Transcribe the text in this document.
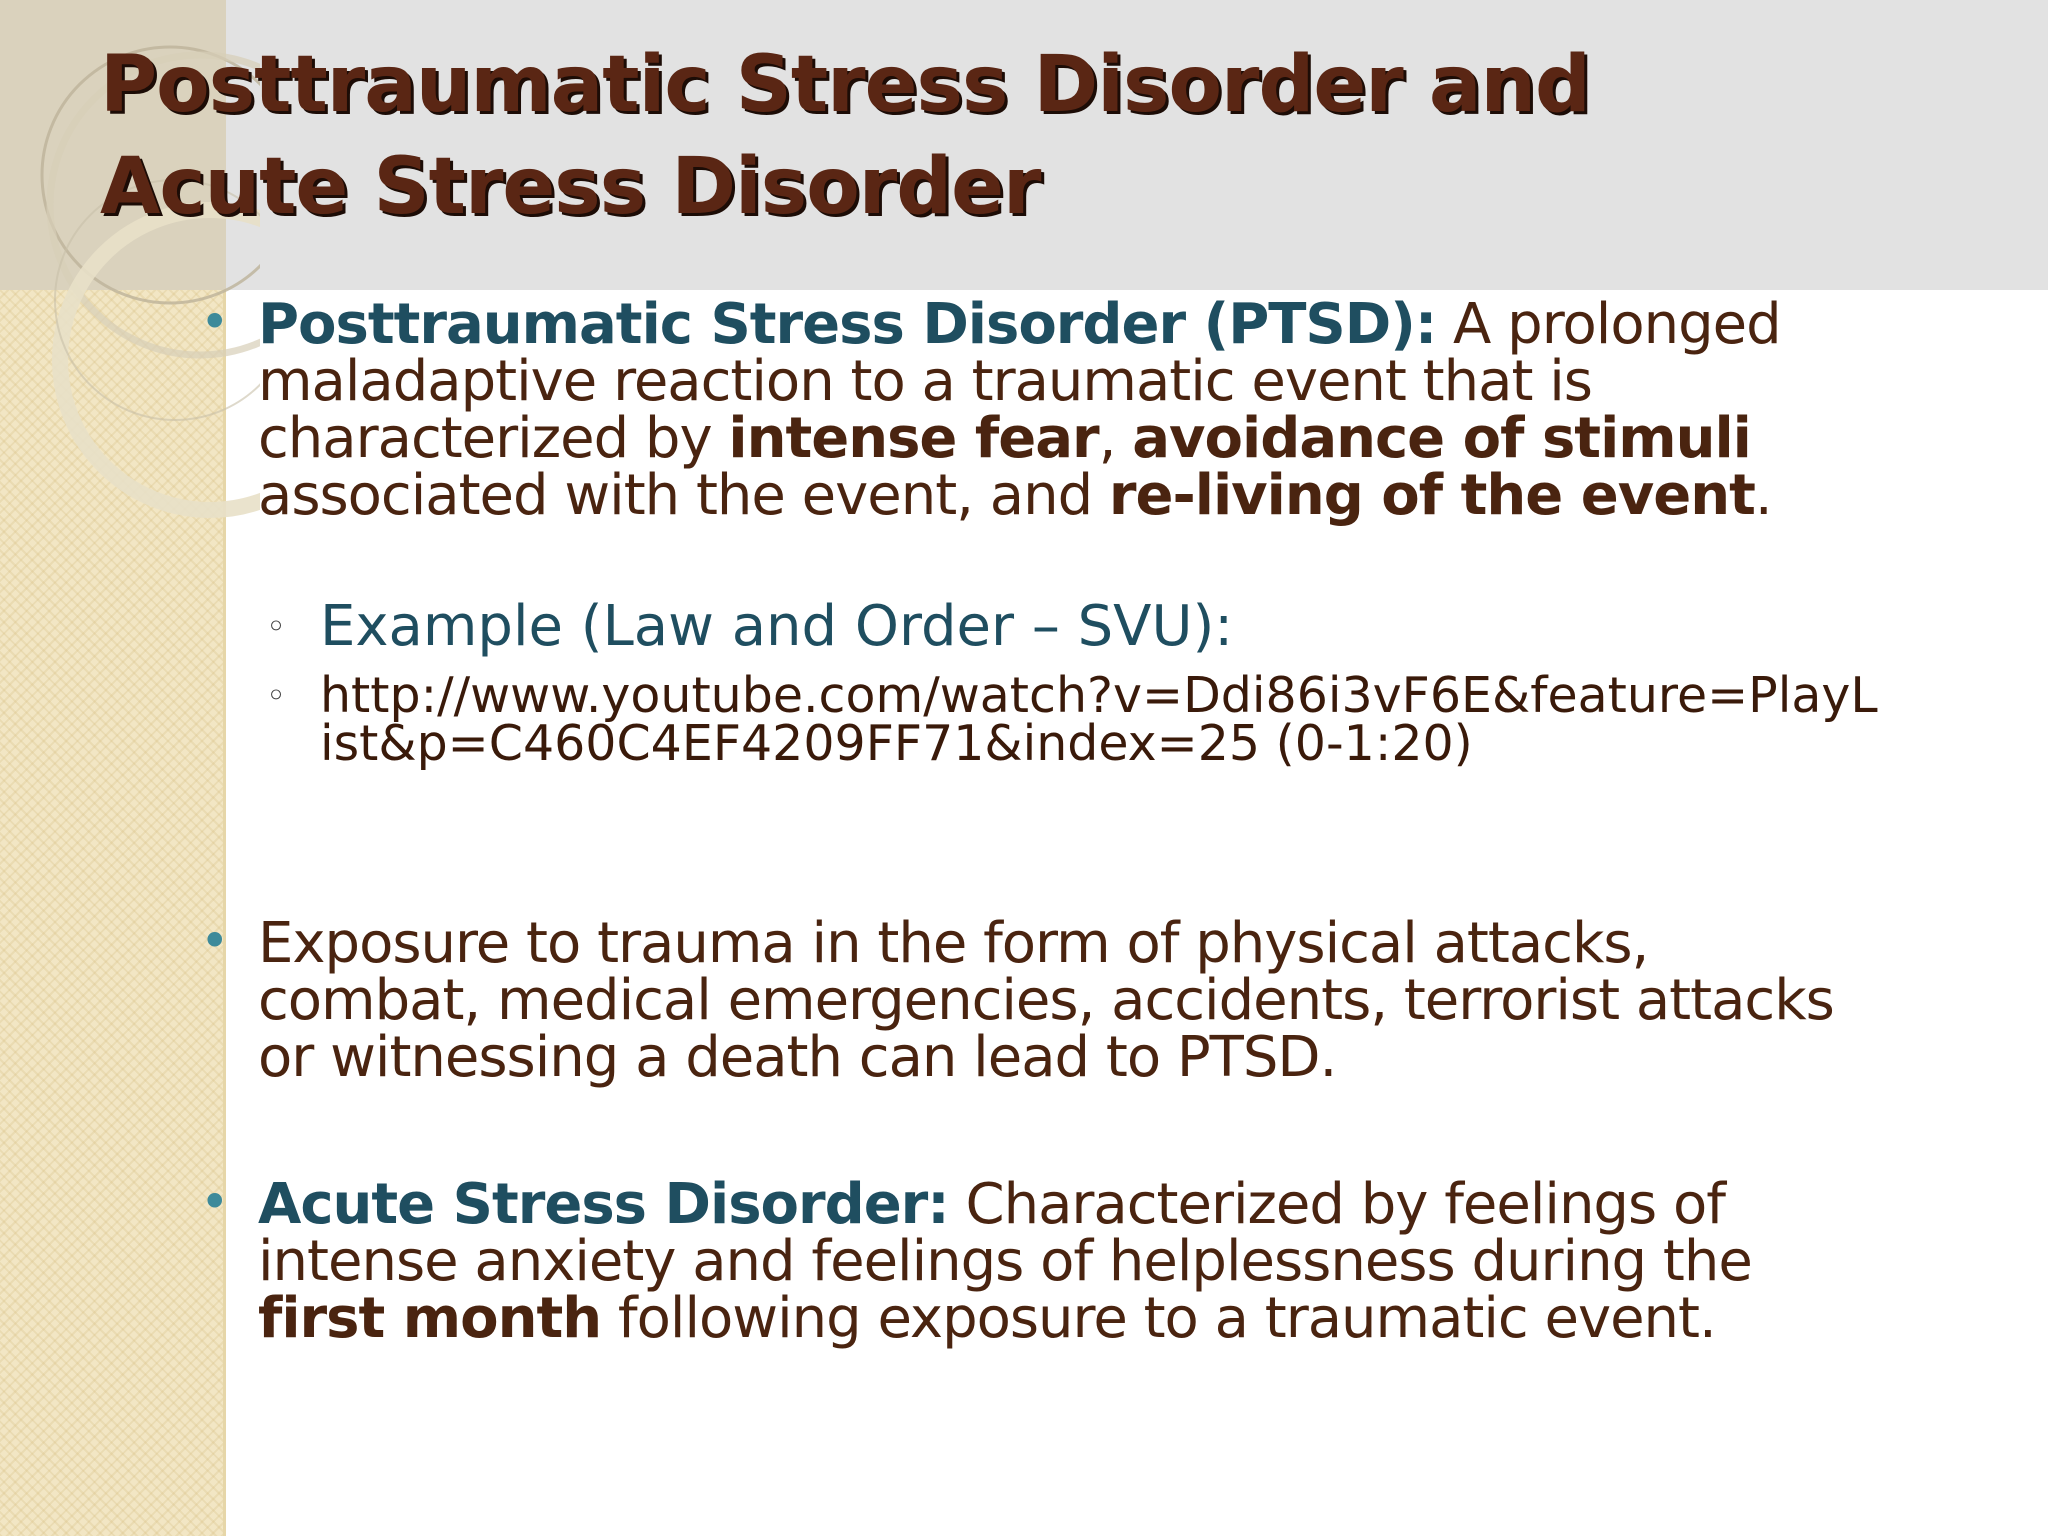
Posttraumatic Stress Disorder and
Acute Stress Disorder
• Posttraumatic Stress Disorder (PTSD): A prolonged maladaptive reaction to a traumatic event that is characterized by intense fear, avoidance of stimuli associated with the event, and re-living of the event.
◦ Example (Law and Order – SVU):
◦ http://www.youtube.com/watch?v=Ddi86i3vF6E&feature=PlayList&p=C460C4EF4209FF71&index=25 (0-1:20)
• Exposure to trauma in the form of physical attacks, combat, medical emergencies, accidents, terrorist attacks or witnessing a death can lead to PTSD.
• Acute Stress Disorder: Characterized by feelings of intense anxiety and feelings of helplessness during the first month following exposure to a traumatic event.
